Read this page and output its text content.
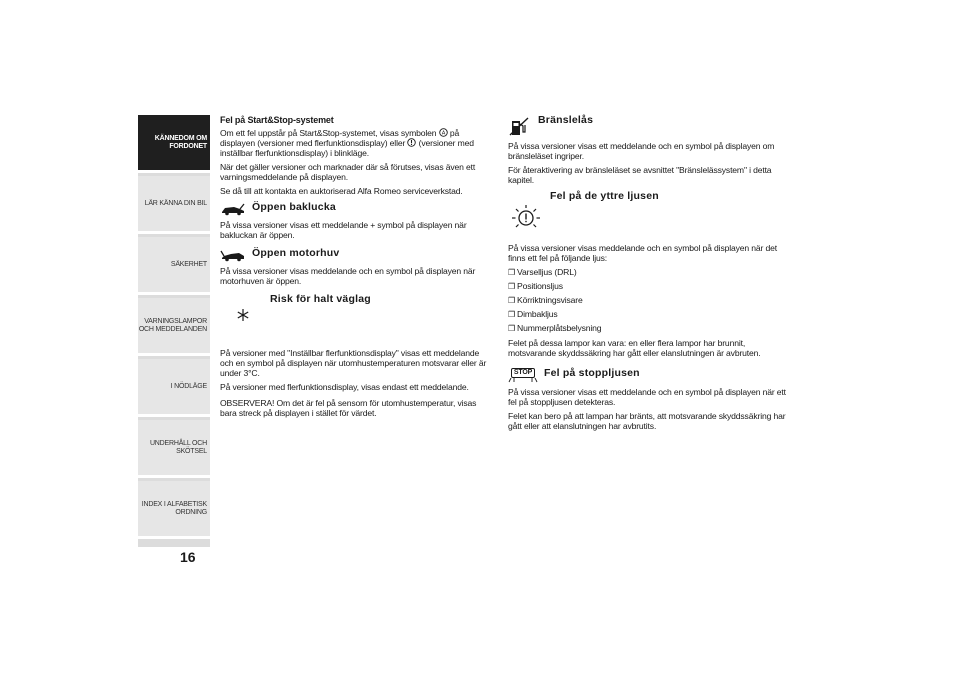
KÄNNEDOM OM
FORDONET
LÄR KÄNNA DIN BIL
SÄKERHET
VARNINGSLAMPOR
OCH MEDDELANDEN
I NÖDLÄGE
UNDERHÅLL OCH
SKÖTSEL
INDEX I ALFABETISK
ORDNING
16
Fel på Start&Stop-systemet

Om ett fel uppstår på Start&Stop-systemet, visas symbolen A på displayen (versioner med flerfunktionsdisplay) eller (versioner med inställbar flerfunktionsdisplay) i blinkläge.

När det gäller versioner och marknader där så förutses, visas även ett varningsmeddelande på displayen.

Se då till att kontakta en auktoriserad Alfa Romeo serviceverkstad.

Öppen baklucka

På vissa versioner visas ett meddelande + symbol på displayen när bakluckan är öppen.

Öppen motorhuv

På vissa versioner visas meddelande och en symbol på displayen när motorhuven är öppen.

Risk för halt väglag

På versioner med "Inställbar flerfunktionsdisplay" visas ett meddelande och en symbol på displayen när utomhustemperaturen motsvarar eller är under 3°C.

På versioner med flerfunktionsdisplay, visas endast ett meddelande.

OBSERVERA! Om det är fel på sensorn för utomhustemperatur, visas bara streck på displayen i stället för värdet.

Bränslelås

På vissa versioner visas ett meddelande och en symbol på displayen om bränsleläset ingriper.

För återaktivering av bränsleläset se avsnittet "Bränslelässystem" i detta kapitel.

Fel på de yttre ljusen

På vissa versioner visas meddelande och en symbol på displayen när det finns ett fel på följande ljus:

❒ Varselljus (DRL)
❒ Positionsljus
❒ Körriktningsvisare
❒ Dimbakljus
❒ Nummerplåtsbelysning

Felet på dessa lampor kan vara: en eller flera lampor har brunnit, motsvarande skyddssäkring har gått eller elanslutningen är avbruten.

STOP Fel på stoppljusen

På vissa versioner visas ett meddelande och en symbol på displayen när ett fel på stoppljusen detekteras.

Felet kan bero på att lampan har bränts, att motsvarande skyddssäkring har gått eller att elanslutningen har avbrutits.
